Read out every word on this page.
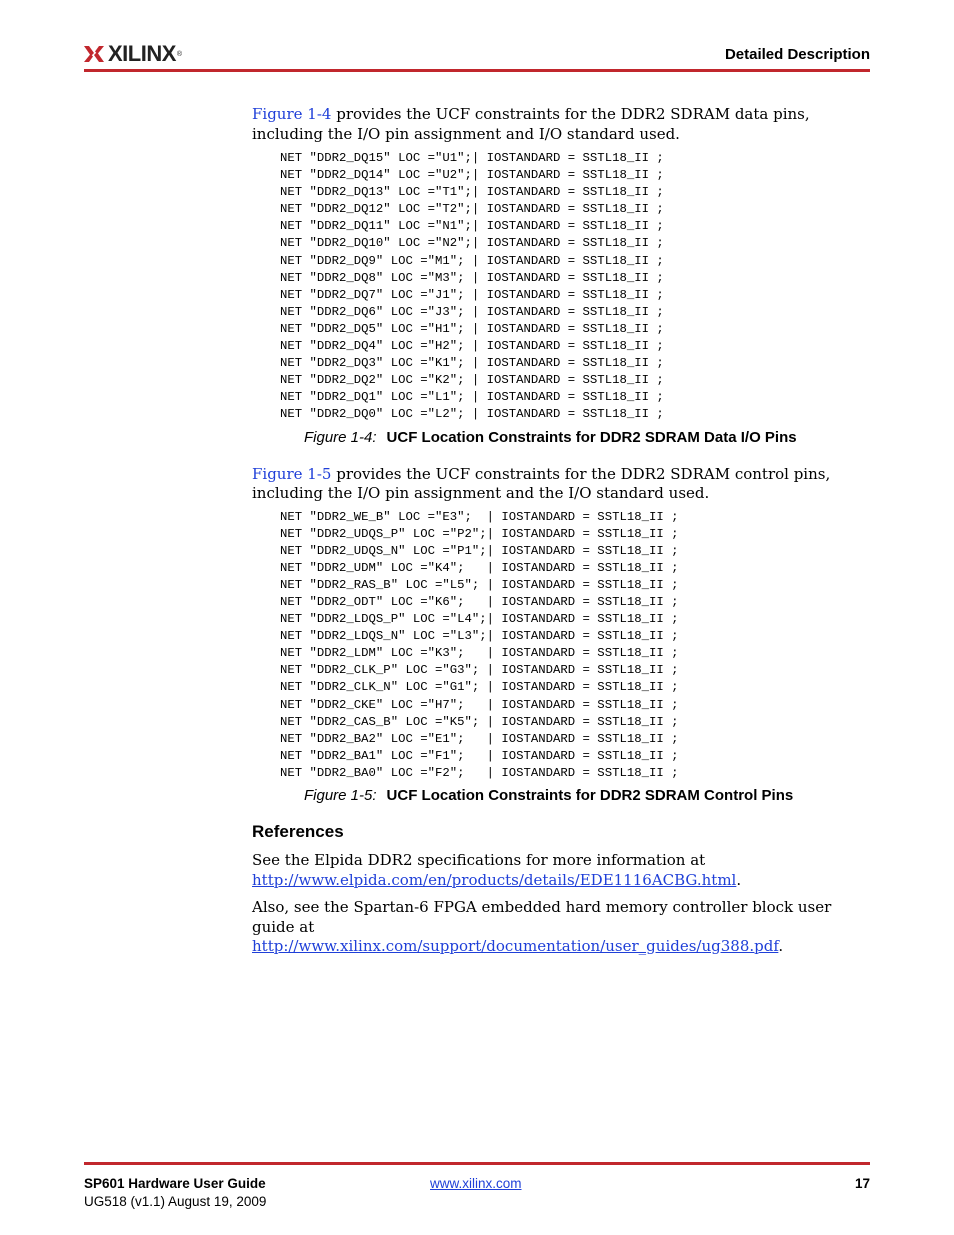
XILINX ®	Detailed Description

Figure 1-4 provides the UCF constraints for the DDR2 SDRAM data pins, including the I/O pin assignment and I/O standard used.

NET "DDR2_DQ15" LOC ="U1";| IOSTANDARD = SSTL18_II ;
NET "DDR2_DQ14" LOC ="U2";| IOSTANDARD = SSTL18_II ;
NET "DDR2_DQ13" LOC ="T1";| IOSTANDARD = SSTL18_II ;
NET "DDR2_DQ12" LOC ="T2";| IOSTANDARD = SSTL18_II ;
NET "DDR2_DQ11" LOC ="N1";| IOSTANDARD = SSTL18_II ;
NET "DDR2_DQ10" LOC ="N2";| IOSTANDARD = SSTL18_II ;
NET "DDR2_DQ9" LOC ="M1"; | IOSTANDARD = SSTL18_II ;
NET "DDR2_DQ8" LOC ="M3"; | IOSTANDARD = SSTL18_II ;
NET "DDR2_DQ7" LOC ="J1"; | IOSTANDARD = SSTL18_II ;
NET "DDR2_DQ6" LOC ="J3"; | IOSTANDARD = SSTL18_II ;
NET "DDR2_DQ5" LOC ="H1"; | IOSTANDARD = SSTL18_II ;
NET "DDR2_DQ4" LOC ="H2"; | IOSTANDARD = SSTL18_II ;
NET "DDR2_DQ3" LOC ="K1"; | IOSTANDARD = SSTL18_II ;
NET "DDR2_DQ2" LOC ="K2"; | IOSTANDARD = SSTL18_II ;
NET "DDR2_DQ1" LOC ="L1"; | IOSTANDARD = SSTL18_II ;
NET "DDR2_DQ0" LOC ="L2"; | IOSTANDARD = SSTL18_II ;
Figure 1-4: UCF Location Constraints for DDR2 SDRAM Data I/O Pins

Figure 1-5 provides the UCF constraints for the DDR2 SDRAM control pins, including the I/O pin assignment and the I/O standard used.

NET "DDR2_WE_B" LOC ="E3";  | IOSTANDARD = SSTL18_II ;
NET "DDR2_UDQS_P" LOC ="P2";| IOSTANDARD = SSTL18_II ;
NET "DDR2_UDQS_N" LOC ="P1";| IOSTANDARD = SSTL18_II ;
NET "DDR2_UDM" LOC ="K4";   | IOSTANDARD = SSTL18_II ;
NET "DDR2_RAS_B" LOC ="L5"; | IOSTANDARD = SSTL18_II ;
NET "DDR2_ODT" LOC ="K6";   | IOSTANDARD = SSTL18_II ;
NET "DDR2_LDQS_P" LOC ="L4";| IOSTANDARD = SSTL18_II ;
NET "DDR2_LDQS_N" LOC ="L3";| IOSTANDARD = SSTL18_II ;
NET "DDR2_LDM" LOC ="K3";   | IOSTANDARD = SSTL18_II ;
NET "DDR2_CLK_P" LOC ="G3"; | IOSTANDARD = SSTL18_II ;
NET "DDR2_CLK_N" LOC ="G1"; | IOSTANDARD = SSTL18_II ;
NET "DDR2_CKE" LOC ="H7";   | IOSTANDARD = SSTL18_II ;
NET "DDR2_CAS_B" LOC ="K5"; | IOSTANDARD = SSTL18_II ;
NET "DDR2_BA2" LOC ="E1";   | IOSTANDARD = SSTL18_II ;
NET "DDR2_BA1" LOC ="F1";   | IOSTANDARD = SSTL18_II ;
NET "DDR2_BA0" LOC ="F2";   | IOSTANDARD = SSTL18_II ;
Figure 1-5: UCF Location Constraints for DDR2 SDRAM Control Pins
References

See the Elpida DDR2 specifications for more information at
http://www.elpida.com/en/products/details/EDE1116ACBG.html.

Also, see the Spartan-6 FPGA embedded hard memory controller block user guide at
http://www.xilinx.com/support/documentation/user_guides/ug388.pdf.

SP601 Hardware User Guide
UG518 (v1.1) August 19, 2009
www.xilinx.com	17
